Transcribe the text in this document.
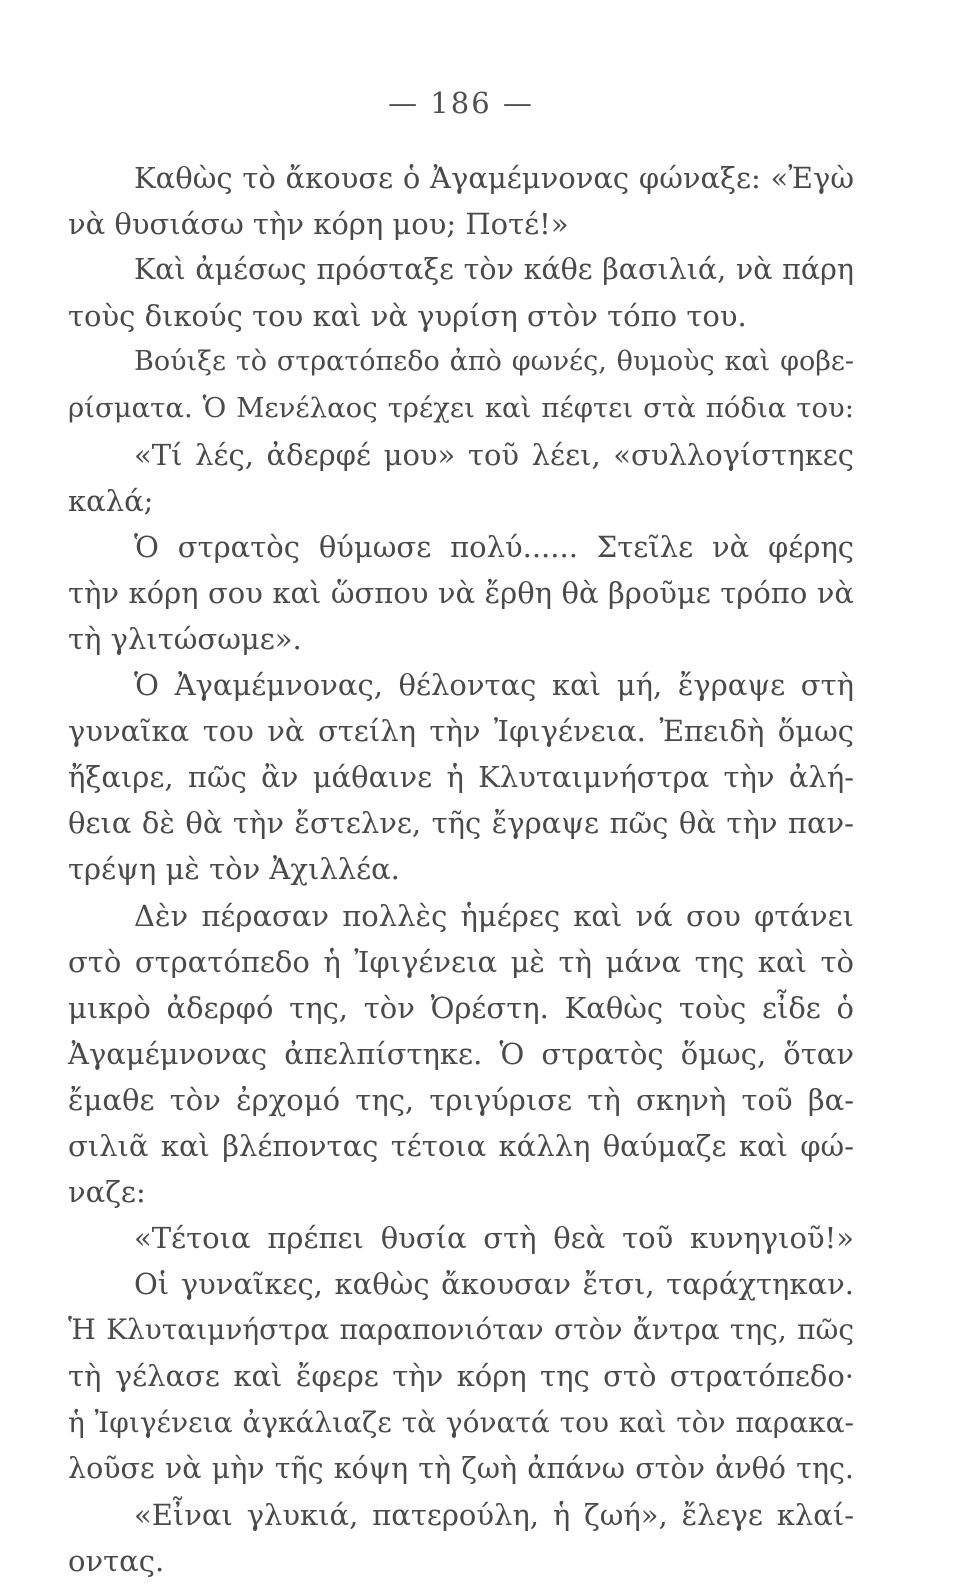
— 186 —
Καθὼς τὸ ἄκουσε ὁ Ἀγαμέμνονας φώναξε: «Ἐγὼ
νὰ θυσιάσω τὴν κόρη μου; Ποτέ!»
Καὶ ἀμέσως πρόσταξε τὸν κάθε βασιλιά, νὰ πάρη
τοὺς δικούς του καὶ νὰ γυρίση στὸν τόπο του.
Βούιξε τὸ στρατόπεδο ἀπὸ φωνές, θυμοὺς καὶ φοβε-
ρίσματα. Ὁ Μενέλαος τρέχει καὶ πέφτει στὰ πόδια του:
«Τί λές, ἀδερφέ μου» τοῦ λέει, «συλλογίστηκες
καλά;
Ὁ στρατὸς θύμωσε πολύ...... Στεῖλε νὰ φέρης
τὴν κόρη σου καὶ ὥσπου νὰ ἔρθη θὰ βροῦμε τρόπο νὰ
τὴ γλιτώσωμε».
Ὁ Ἀγαμέμνονας, θέλοντας καὶ μή, ἔγραψε στὴ
γυναῖκα του νὰ στείλη τὴν Ἰφιγένεια. Ἐπειδὴ ὅμως
ἤξαιρε, πῶς ἂν μάθαινε ἡ Κλυταιμνήστρα τὴν ἀλή-
θεια δὲ θὰ τὴν ἔστελνε, τῆς ἔγραψε πῶς θὰ τὴν παν-
τρέψη μὲ τὸν Ἀχιλλέα.
Δὲν πέρασαν πολλὲς ἡμέρες καὶ νά σου φτάνει
στὸ στρατόπεδο ἡ Ἰφιγένεια μὲ τὴ μάνα της καὶ τὸ
μικρὸ ἀδερφό της, τὸν Ὀρέστη. Καθὼς τοὺς εἶδε ὁ
Ἀγαμέμνονας ἀπελπίστηκε. Ὁ στρατὸς ὅμως, ὅταν
ἔμαθε τὸν ἐρχομό της, τριγύρισε τὴ σκηνὴ τοῦ βα-
σιλιᾶ καὶ βλέποντας τέτοια κάλλη θαύμαζε καὶ φώ-
ναζε:
«Τέτοια πρέπει θυσία στὴ θεὰ τοῦ κυνηγιοῦ!»
Οἱ γυναῖκες, καθὼς ἄκουσαν ἔτσι, ταράχτηκαν.
Ἡ Κλυταιμνήστρα παραπονιόταν στὸν ἄντρα της, πῶς
τὴ γέλασε καὶ ἔφερε τὴν κόρη της στὸ στρατόπεδο·
ἡ Ἰφιγένεια ἀγκάλιαζε τὰ γόνατά του καὶ τὸν παρακα-
λοῦσε νὰ μὴν τῆς κόψη τὴ ζωὴ ἀπάνω στὸν ἀνθό της.
«Εἶναι γλυκιά, πατερούλη, ἡ ζωή», ἔλεγε κλαί-
οντας.
